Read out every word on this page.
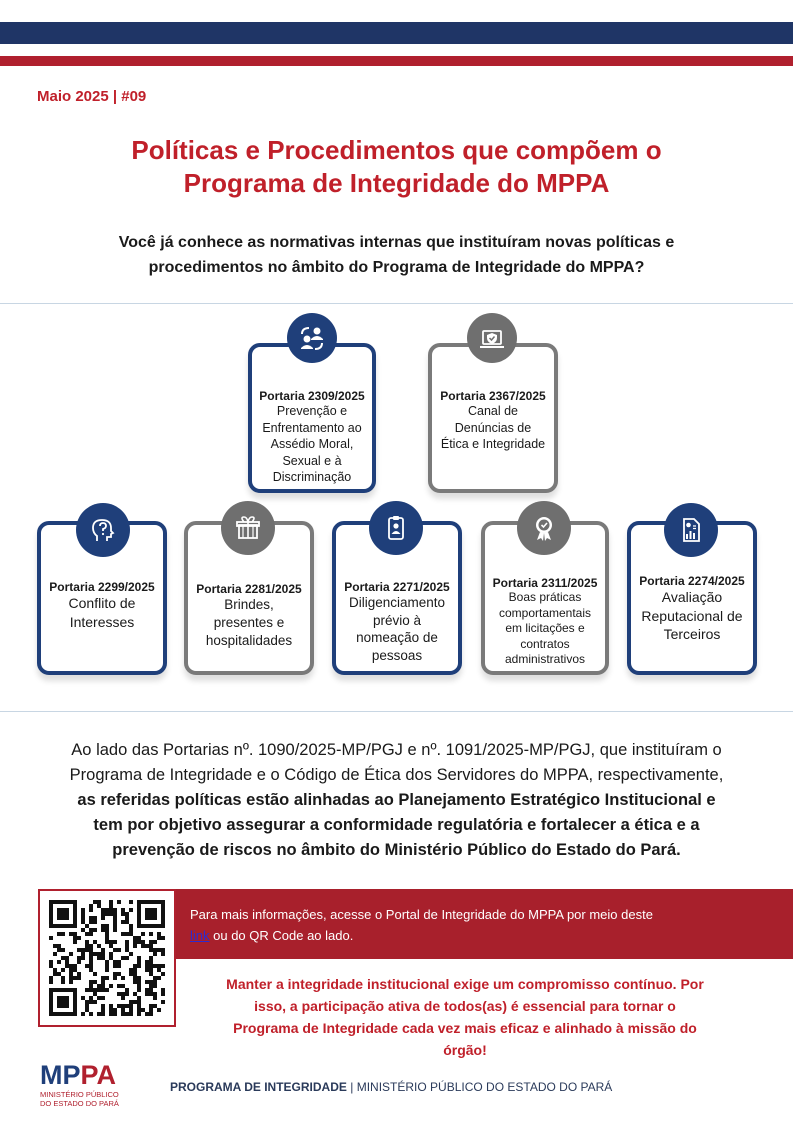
Maio 2025 | #09
Políticas e Procedimentos que compõem o
Programa de Integridade do MPPA
Você já conhece as normativas internas que instituíram novas políticas e
procedimentos no âmbito do Programa de Integridade do MPPA?
Portaria 2309/2025
Prevenção e
Enfrentamento ao
Assédio Moral,
Sexual e à
Discriminação
Portaria 2367/2025
Canal de
Denúncias de
Ética e Integridade
Portaria 2299/2025
Conflito de
Interesses
Portaria 2281/2025
Brindes,
presentes e
hospitalidades
Portaria 2271/2025
Diligenciamento
prévio à
nomeação de
pessoas
Portaria 2311/2025
Boas práticas
comportamentais
em licitações e
contratos
administrativos
Portaria 2274/2025
Avaliação
Reputacional de
Terceiros
Ao lado das Portarias nº. 1090/2025-MP/PGJ e nº. 1091/2025-MP/PGJ, que instituíram o
Programa de Integridade e o Código de Ética dos Servidores do MPPA, respectivamente,
as referidas políticas estão alinhadas ao Planejamento Estratégico Institucional e
tem por objetivo assegurar a conformidade regulatória e fortalecer a ética e a
prevenção de riscos no âmbito do Ministério Público do Estado do Pará.
Para mais informações, acesse o Portal de Integridade do MPPA por meio deste
link ou do QR Code ao lado.
Manter a integridade institucional exige um compromisso contínuo. Por
isso, a participação ativa de todos(as) é essencial para tornar o
Programa de Integridade cada vez mais eficaz e alinhado à missão do
órgão!
MPPA
MINISTÉRIO PÚBLICO
DO ESTADO DO PARÁ
PROGRAMA DE INTEGRIDADE | MINISTÉRIO PÚBLICO DO ESTADO DO PARÁ
